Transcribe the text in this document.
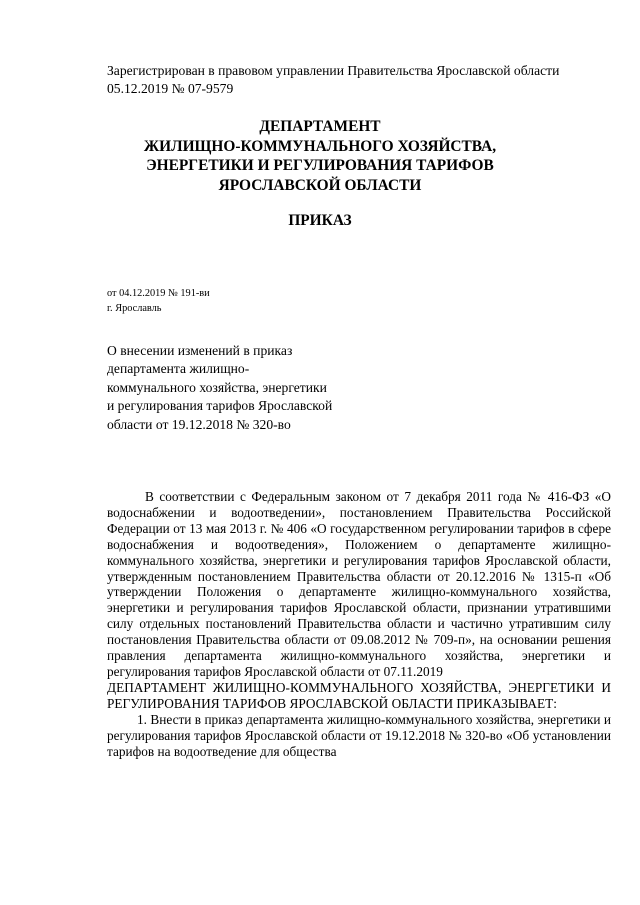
Зарегистрирован в правовом управлении Правительства Ярославской области 05.12.2019 № 07-9579
ДЕПАРТАМЕНТ
ЖИЛИЩНО-КОММУНАЛЬНОГО ХОЗЯЙСТВА,
ЭНЕРГЕТИКИ И РЕГУЛИРОВАНИЯ ТАРИФОВ
ЯРОСЛАВСКОЙ ОБЛАСТИ
ПРИКАЗ
от 04.12.2019 № 191-ви
г. Ярославль
О внесении изменений в приказ департамента жилищно-коммунального хозяйства, энергетики и регулирования тарифов Ярославской области от 19.12.2018 № 320-во

В соответствии с Федеральным законом от 7 декабря 2011 года № 416-ФЗ «О водоснабжении и водоотведении», постановлением Правительства Российской Федерации от 13 мая 2013 г. № 406 «О государственном регулировании тарифов в сфере водоснабжения и водоотведения», Положением о департаменте жилищно-коммунального хозяйства, энергетики и регулирования тарифов Ярославской области, утвержденным постановлением Правительства области от 20.12.2016 № 1315-п «Об утверждении Положения о департаменте жилищно-коммунального хозяйства, энергетики и регулирования тарифов Ярославской области, признании утратившими силу отдельных постановлений Правительства области и частично утратившим силу постановления Правительства области от 09.08.2012 № 709-п», на основании решения правления департамента жилищно-коммунального хозяйства, энергетики и регулирования тарифов Ярославской области от 07.11.2019

ДЕПАРТАМЕНТ ЖИЛИЩНО-КОММУНАЛЬНОГО ХОЗЯЙСТВА, ЭНЕРГЕТИКИ И РЕГУЛИРОВАНИЯ ТАРИФОВ ЯРОСЛАВСКОЙ ОБЛАСТИ ПРИКАЗЫВАЕТ:

1. Внести в приказ департамента жилищно-коммунального хозяйства, энергетики и регулирования тарифов Ярославской области от 19.12.2018 № 320-во «Об установлении тарифов на водоотведение для общества
